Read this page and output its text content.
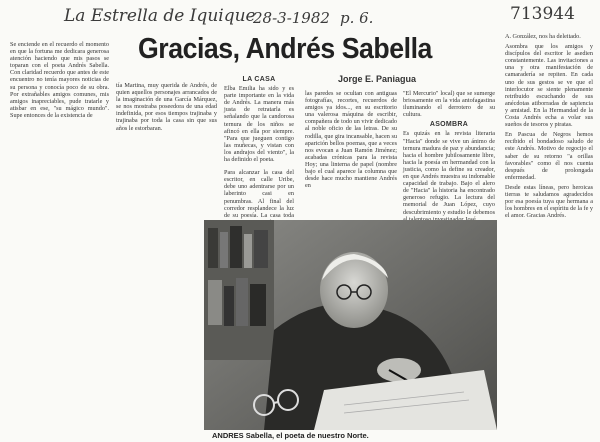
La Estrella de Iquique
28-3-1982 p. 6.	713944
Gracias, Andrés Sabella
Jorge E. Paniagua

Se enciende en el recuerdo el momento en que la fortuna me dedicara generosa atención haciendo que mis pasos se toparan con el poeta Andrés Sabella. Con claridad recuerdo que antes de este encuentro no tenía mayores noticias de su persona y conocía poco de su obra. Por extrañables amigos comunes, mis amigos inapreciables, pude tratarle y atisbar en ese, "su mágico mundo". Supe entonces de la existencia de

tía Martina, muy querida de Andrés, de quien aquellos personajes arrancados de la imaginación de una García Márquez, se nos mostraba poseedora de una edad indefinida, por esos tiempos trajinaba y trajinaba por toda la casa sin que sus años le estorbaran.

LA CASA

Elba Emilia ha sido y es parte importante en la vida de Andrés. La manera más justa de retratarla es señalando que la candorosa ternura de los niños se afincó en ella por siempre. "Para que jueguen contigo las muñecas, y vistan con los andrajos del viento", la ha definido el poeta.

Para alcanzar la casa del escritor, en calle Uribe, debe uno adentrarse por un laberinto casi en penumbras. Al final del corredor resplandece la luz de su poesía. La casa toda

las paredes se ocultan con antiguas fotografías, recortes, recuerdos de amigos ya idos..., en su escritorio una valerosa máquina de escribir, compañera de todo un vivir dedicado al noble oficio de las letras. De su rodilla, que gira incansable, hacen su aparición bellos poemas, que a veces nos evocan a Juan Ramón Jiménez; acabadas crónicas para la revista Hoy; una linterna de papel (nombre bajo el cual aparece la columna que desde hace mucho mantiene Andrés en

"El Mercurio" local) que se sumerge briosamente en la vida antofagastina iluminando el derrotero de su cultura.

ASOMBRA

Es quizás en la revista literaria "Hacia" donde se vive un ánimo de ternura madura de paz y abundancia; hacia el hombre jubilosamente libre, hacia la poesía en hermandad con la justicia, como la define su creador, en que Andrés muestra su indomable capacidad de trabajo. Bajo el alero de "Hacia" la historia ha encontrado generoso refugio. La lectura del memorial de Juan López, cuyo descubrimiento y estudio le debemos

A. González, nos ha deleitado.

Asombra que los amigos y discípulos del escritor le asedien constantemente. Las invitaciones a una y otra manifestación de camaradería se repiten. En cada uno de sus gestos se ve que el interlocutor se siente plenamente retribuido escuchando de sus anécdotas atiborradas de sapiencia y amistad. En la Hermandad de la Costa Andrés echa a volar sus sueños de tesoros y piratas.

En Pascua de Negros hemos recibido el bondadoso saludo de este Andrés. Motivo de regocijo el saber de su retorno "a orillas favorables" como él nos cuenta después de prolongada enfermedad.

Desde estas líneas, pero heroicas tierras te saludamos agradecidos por esa poesía tuya que hermana a los hombres en el espíritu de la fe y el amor. Gracias Andrés.

ANDRES Sabella, el poeta de nuestro Norte.
